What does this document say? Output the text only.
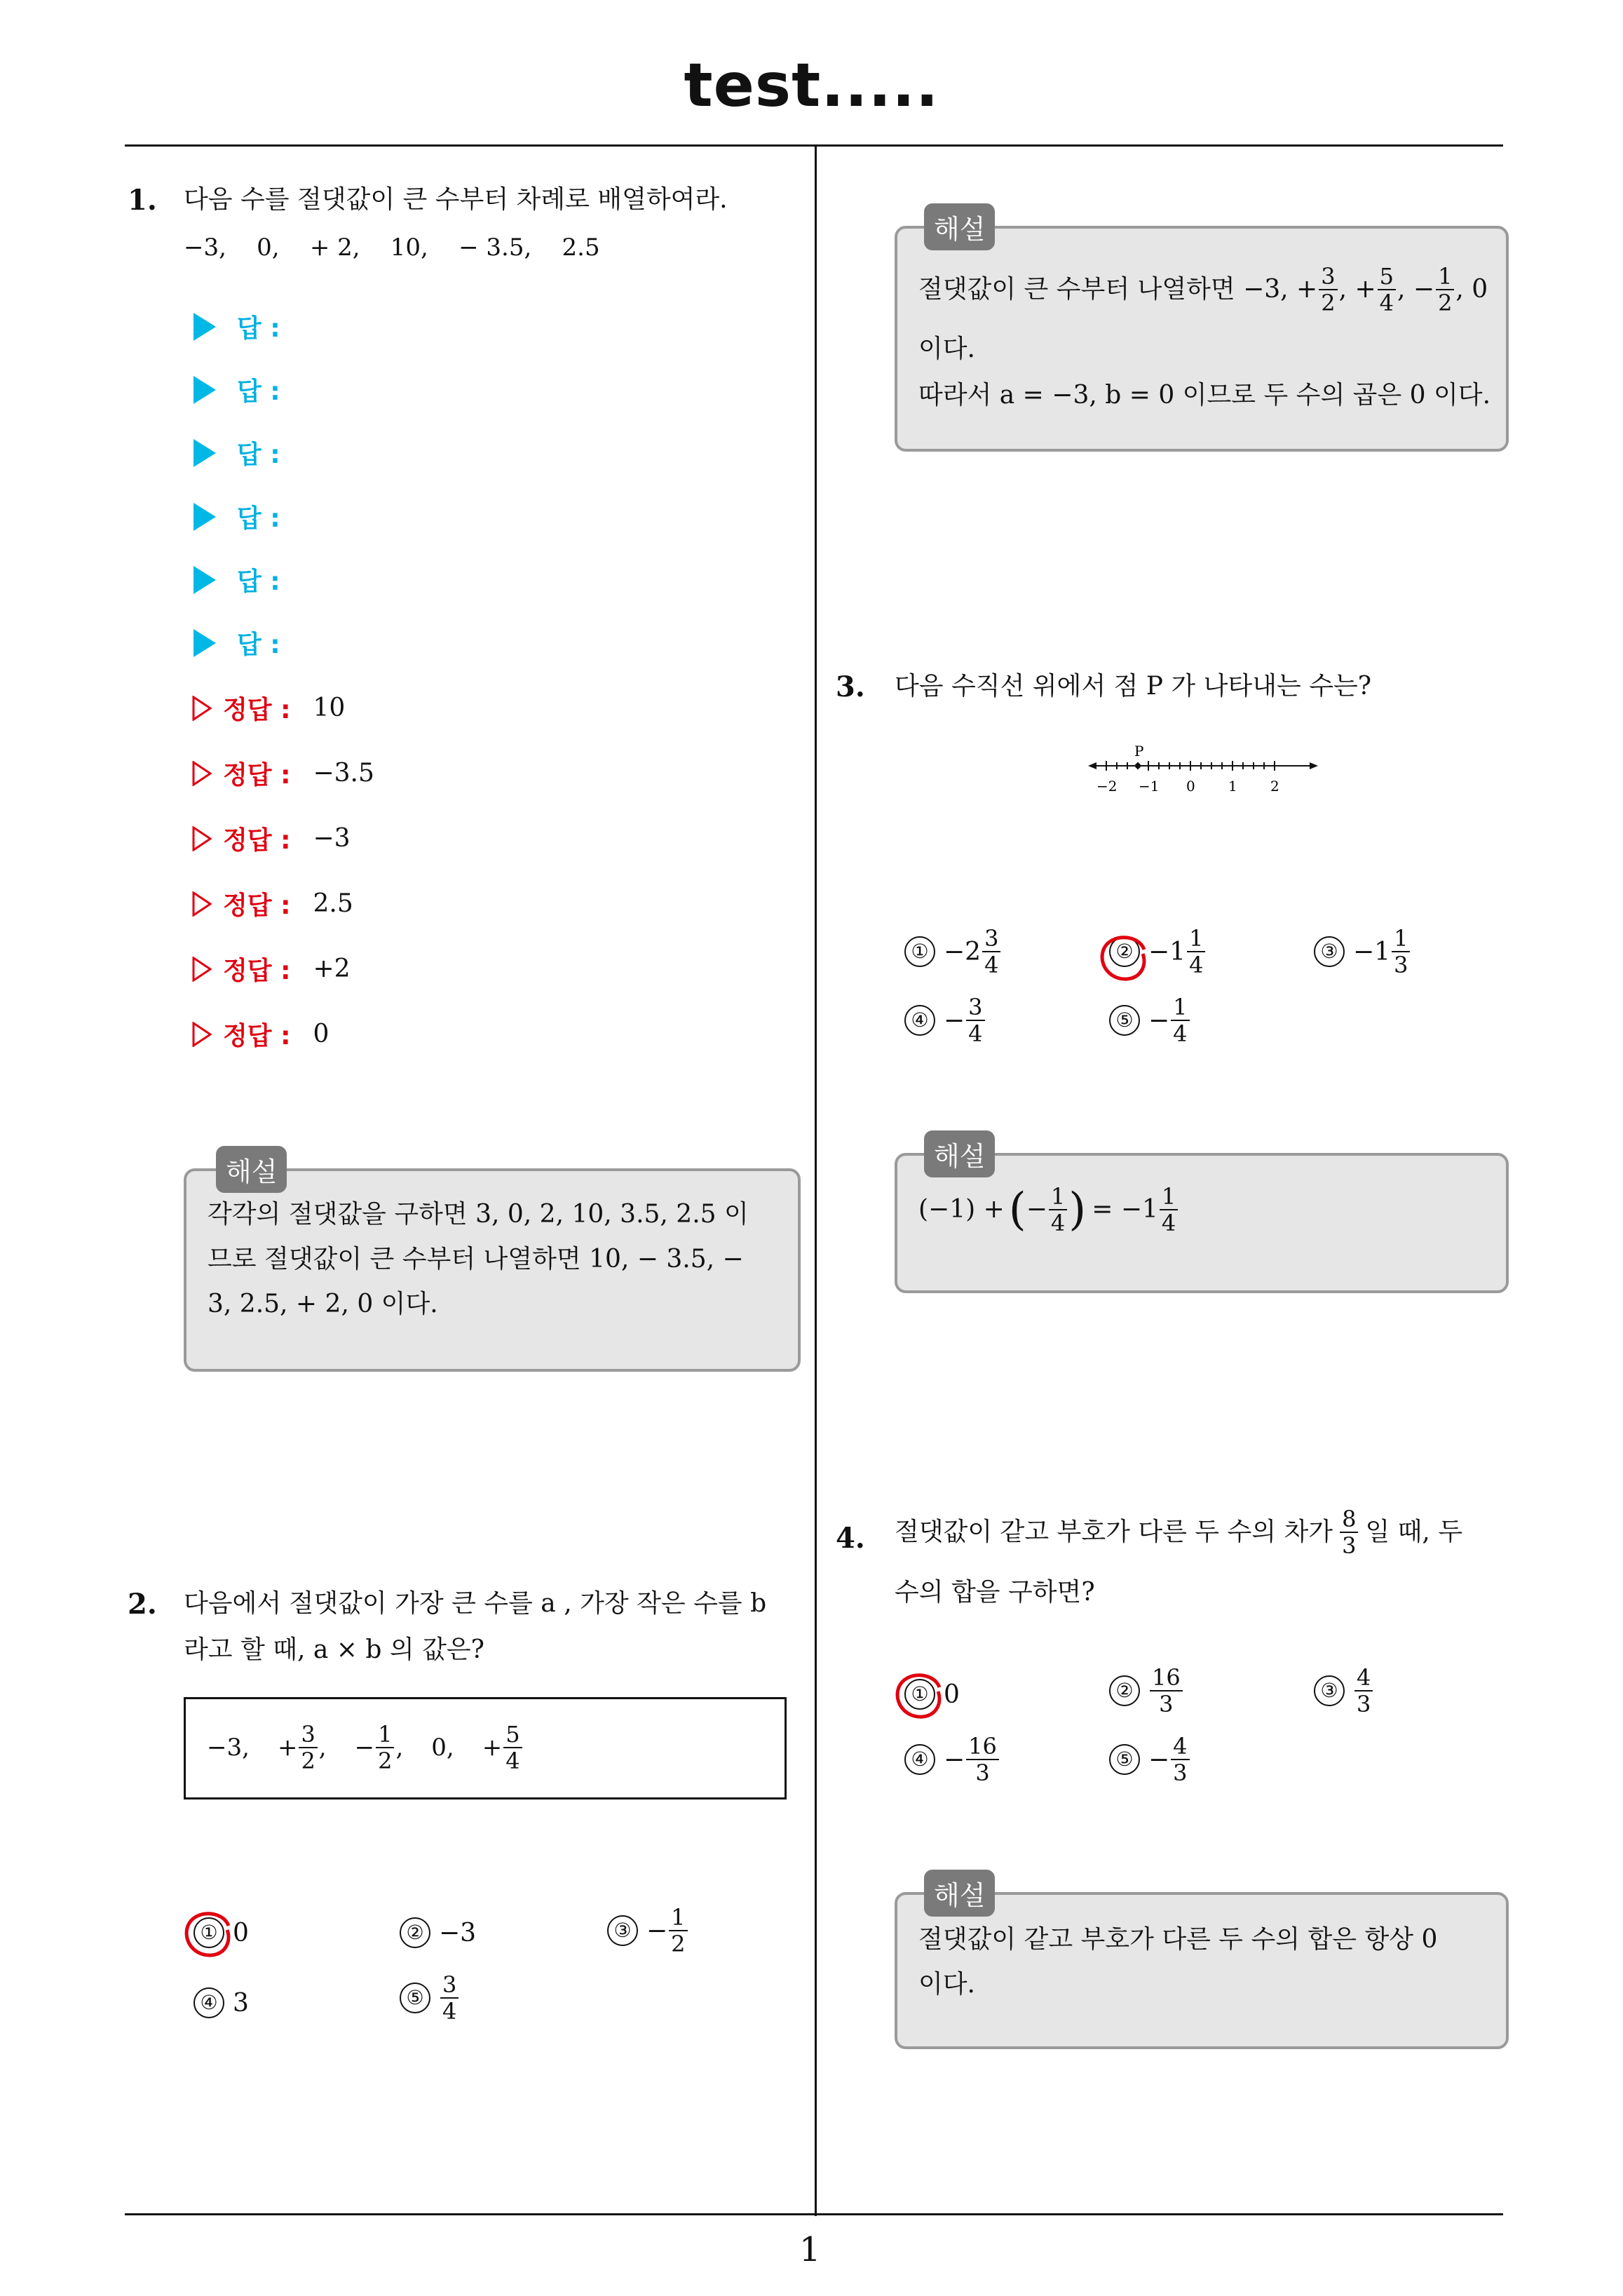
test.....
1
1. 다음 수를 절댓값이 큰 수부터 차례로 배열하여라.
−3,    0,    + 2,    10,    − 3.5,    2.5
답 :
답 :
답 :
답 :
답 :
답 :
정답 : 10
정답 : −3.5
정답 : −3
정답 : 2.5
정답 : +2
정답 : 0
해설
각각의 절댓값을 구하면 3, 0, 2, 10, 3.5, 2.5 이
므로 절댓값이 큰 수부터 나열하면 10, − 3.5, −
3, 2.5, + 2, 0 이다.
2. 다음에서 절댓값이 가장 큰 수를 a , 가장 작은 수를 b
라고 할 때, a × b 의 값은?
−3, + $\frac{3}{2}$ , − $\frac{1}{2}$ , 0, + $\frac{5}{4}$
① 0	② −3	③ − $\frac{1}{2}$
④ 3	⑤ $\frac{3}{4}$
해설
절댓값이 큰 수부터 나열하면 −3, + $\frac{3}{2}$ , + $\frac{5}{4}$ , − $\frac{1}{2}$ , 0
이다.
따라서 a = −3, b = 0 이므로 두 수의 곱은 0 이다.
3. 다음 수직선 위에서 점 P 가 나타내는 수는?
P
−2 −1 0 1 2
① $-2 \frac{3}{4}$	② $-1 \frac{1}{4}$	③ $-1 \frac{1}{3}$
④ − $\frac{3}{4}$	⑤ − $\frac{1}{4}$
해설
(−1) + ( − $\frac{1}{4}$ ) = $-1 \frac{1}{4}$
4. 절댓값이 같고 부호가 다른 두 수의 차가 $\frac{8}{3}$ 일 때, 두
수의 합을 구하면?
① 0	② $\frac{16}{3}$	③ $\frac{4}{3}$
④ − $\frac{16}{3}$	⑤ − $\frac{4}{3}$
해설
절댓값이 같고 부호가 다른 두 수의 합은 항상 0
이다.
